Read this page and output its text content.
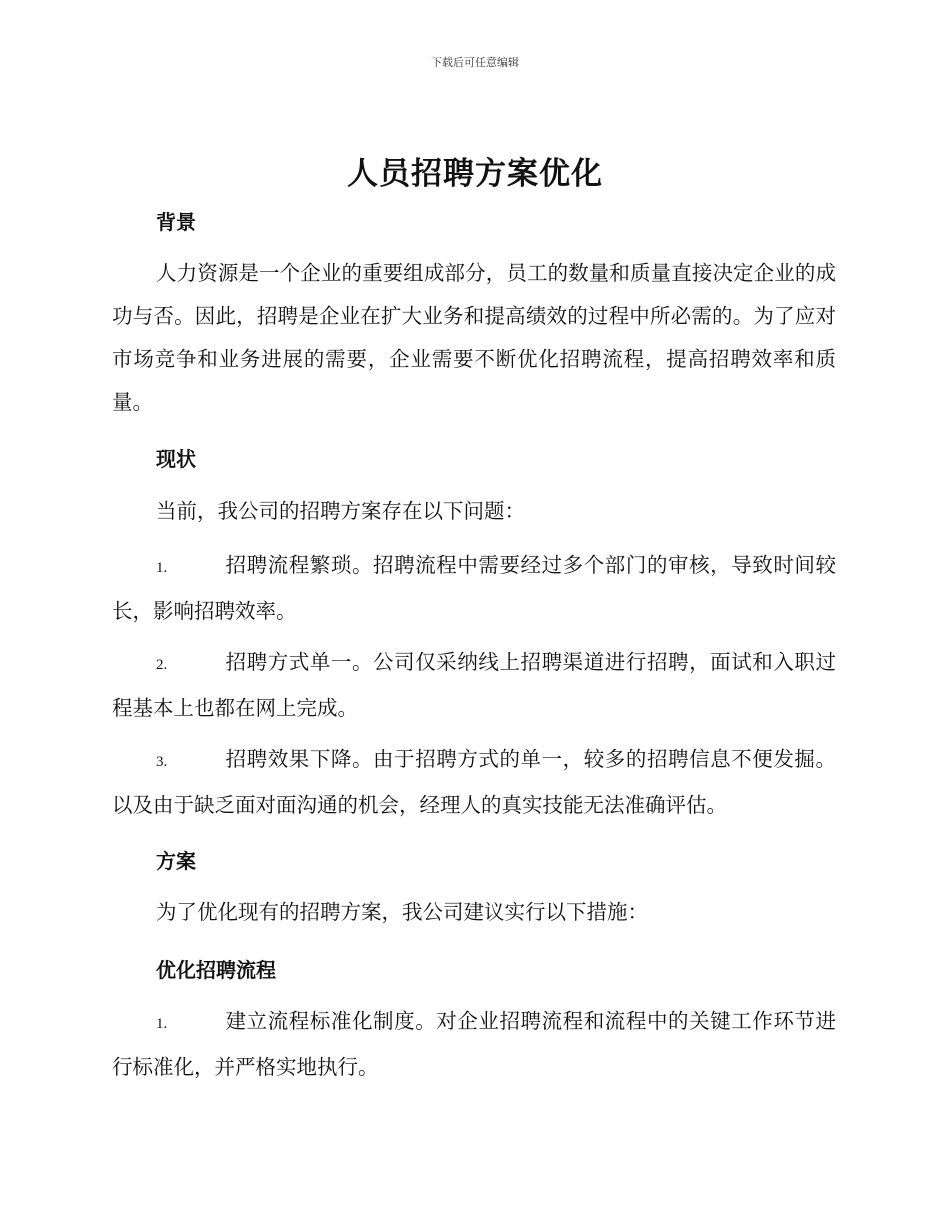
下载后可任意编辑
人员招聘方案优化
背景
人力资源是一个企业的重要组成部分，员工的数量和质量直接决定企业的成功与否。因此，招聘是企业在扩大业务和提高绩效的过程中所必需的。为了应对市场竞争和业务进展的需要，企业需要不断优化招聘流程，提高招聘效率和质量。
现状
当前，我公司的招聘方案存在以下问题：
1.	招聘流程繁琐。招聘流程中需要经过多个部门的审核，导致时间较长，影响招聘效率。
2.	招聘方式单一。公司仅采纳线上招聘渠道进行招聘，面试和入职过程基本上也都在网上完成。
3.	招聘效果下降。由于招聘方式的单一，较多的招聘信息不便发掘。以及由于缺乏面对面沟通的机会，经理人的真实技能无法准确评估。
方案
为了优化现有的招聘方案，我公司建议实行以下措施：
优化招聘流程
1.	建立流程标准化制度。对企业招聘流程和流程中的关键工作环节进行标准化，并严格实地执行。
